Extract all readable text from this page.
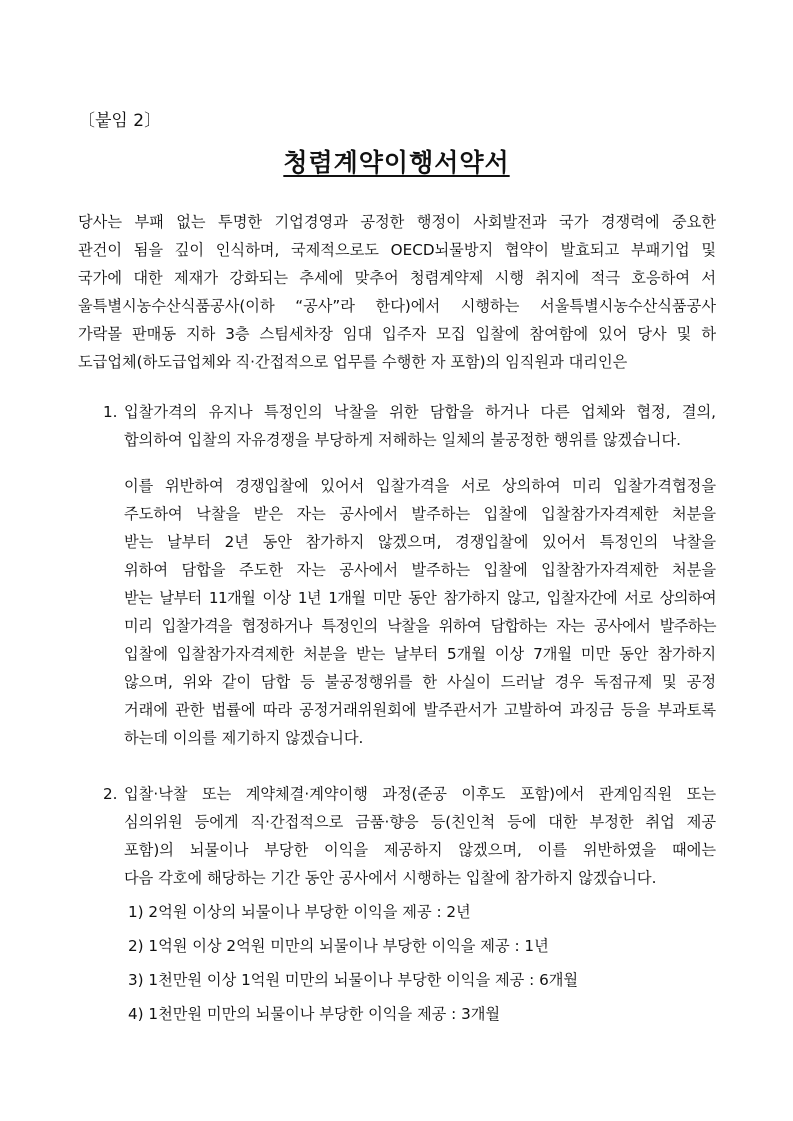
〔붙임 2〕
청렴계약이행서약서
당사는 부패 없는 투명한 기업경영과 공정한 행정이 사회발전과 국가 경쟁력에 중요한
관건이 됨을 깊이 인식하며, 국제적으로도 OECD뇌물방지 협약이 발효되고 부패기업 및
국가에 대한 제재가 강화되는 추세에 맞추어 청렴계약제 시행 취지에 적극 호응하여 서
울특별시농수산식품공사(이하 “공사”라 한다)에서 시행하는 서울특별시농수산식품공사
가락몰 판매동 지하 3층 스팀세차장 임대 입주자 모집 입찰에 참여함에 있어 당사 및 하
도급업체(하도급업체와 직·간접적으로 업무를 수행한 자 포함)의 임직원과 대리인은
1. 입찰가격의 유지나 특정인의 낙찰을 위한 담합을 하거나 다른 업체와 협정, 결의,
합의하여 입찰의 자유경쟁을 부당하게 저해하는 일체의 불공정한 행위를 않겠습니다.
이를 위반하여 경쟁입찰에 있어서 입찰가격을 서로 상의하여 미리 입찰가격협정을
주도하여 낙찰을 받은 자는 공사에서 발주하는 입찰에 입찰참가자격제한 처분을
받는 날부터 2년 동안 참가하지 않겠으며, 경쟁입찰에 있어서 특정인의 낙찰을
위하여 담합을 주도한 자는 공사에서 발주하는 입찰에 입찰참가자격제한 처분을
받는 날부터 11개월 이상 1년 1개월 미만 동안 참가하지 않고, 입찰자간에 서로 상의하여
미리 입찰가격을 협정하거나 특정인의 낙찰을 위하여 담합하는 자는 공사에서 발주하는
입찰에 입찰참가자격제한 처분을 받는 날부터 5개월 이상 7개월 미만 동안 참가하지
않으며, 위와 같이 담합 등 불공정행위를 한 사실이 드러날 경우 독점규제 및 공정
거래에 관한 법률에 따라 공정거래위원회에 발주관서가 고발하여 과징금 등을 부과토록
하는데 이의를 제기하지 않겠습니다.
2. 입찰·낙찰 또는 계약체결·계약이행 과정(준공 이후도 포함)에서 관계임직원 또는
심의위원 등에게 직·간접적으로 금품·향응 등(친인척 등에 대한 부정한 취업 제공
포함)의 뇌물이나 부당한 이익을 제공하지 않겠으며, 이를 위반하였을 때에는
다음 각호에 해당하는 기간 동안 공사에서 시행하는 입찰에 참가하지 않겠습니다.
1) 2억원 이상의 뇌물이나 부당한 이익을 제공 : 2년
2) 1억원 이상 2억원 미만의 뇌물이나 부당한 이익을 제공 : 1년
3) 1천만원 이상 1억원 미만의 뇌물이나 부당한 이익을 제공 : 6개월
4) 1천만원 미만의 뇌물이나 부당한 이익을 제공 : 3개월
